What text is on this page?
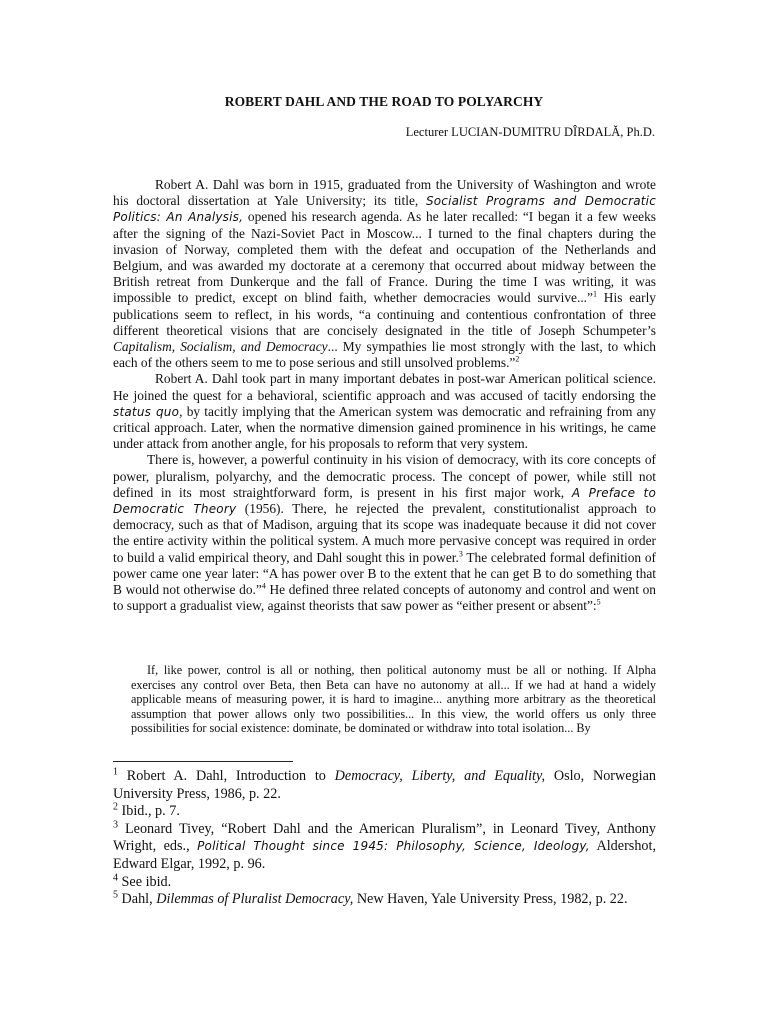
ROBERT DAHL AND THE ROAD TO POLYARCHY
Lecturer LUCIAN-DUMITRU DÎRDALĂ, Ph.D.

Robert A. Dahl was born in 1915, graduated from the University of Washington and wrote his doctoral dissertation at Yale University; its title, Socialist Programs and Democratic Politics: An Analysis, opened his research agenda. As he later recalled: “I began it a few weeks after the signing of the Nazi-Soviet Pact in Moscow... I turned to the final chapters during the invasion of Norway, completed them with the defeat and occupation of the Netherlands and Belgium, and was awarded my doctorate at a ceremony that occurred about midway between the British retreat from Dunkerque and the fall of France. During the time I was writing, it was impossible to predict, except on blind faith, whether democracies would survive...”$^1$ His early publications seem to reflect, in his words, “a continuing and contentious confrontation of three different theoretical visions that are concisely designated in the title of Joseph Schumpeter’s Capitalism, Socialism, and Democracy... My sympathies lie most strongly with the last, to which each of the others seem to me to pose serious and still unsolved problems.”$^2$

Robert A. Dahl took part in many important debates in post-war American political science. He joined the quest for a behavioral, scientific approach and was accused of tacitly endorsing the status quo, by tacitly implying that the American system was democratic and refraining from any critical approach. Later, when the normative dimension gained prominence in his writings, he came under attack from another angle, for his proposals to reform that very system.

There is, however, a powerful continuity in his vision of democracy, with its core concepts of power, pluralism, polyarchy, and the democratic process. The concept of power, while still not defined in its most straightforward form, is present in his first major work, A Preface to Democratic Theory (1956). There, he rejected the prevalent, constitutionalist approach to democracy, such as that of Madison, arguing that its scope was inadequate because it did not cover the entire activity within the political system. A much more pervasive concept was required in order to build a valid empirical theory, and Dahl sought this in power.$^3$ The celebrated formal definition of power came one year later: “A has power over B to the extent that he can get B to do something that B would not otherwise do.”$^4$ He defined three related concepts of autonomy and control and went on to support a gradualist view, against theorists that saw power as “either present or absent”:$^5$

If, like power, control is all or nothing, then political autonomy must be all or nothing. If Alpha exercises any control over Beta, then Beta can have no autonomy at all... If we had at hand a widely applicable means of measuring power, it is hard to imagine... anything more arbitrary as the theoretical assumption that power allows only two possibilities... In this view, the world offers us only three possibilities for social existence: dominate, be dominated or withdraw into total isolation... By

$^1$ Robert A. Dahl, Introduction to Democracy, Liberty, and Equality, Oslo, Norwegian University Press, 1986, p. 22.

$^2$ Ibid., p. 7.

$^3$ Leonard Tivey, “Robert Dahl and the American Pluralism”, in Leonard Tivey, Anthony Wright, eds., Political Thought since 1945: Philosophy, Science, Ideology, Aldershot, Edward Elgar, 1992, p. 96.

$^4$ See ibid.

$^5$ Dahl, Dilemmas of Pluralist Democracy, New Haven, Yale University Press, 1982, p. 22.
